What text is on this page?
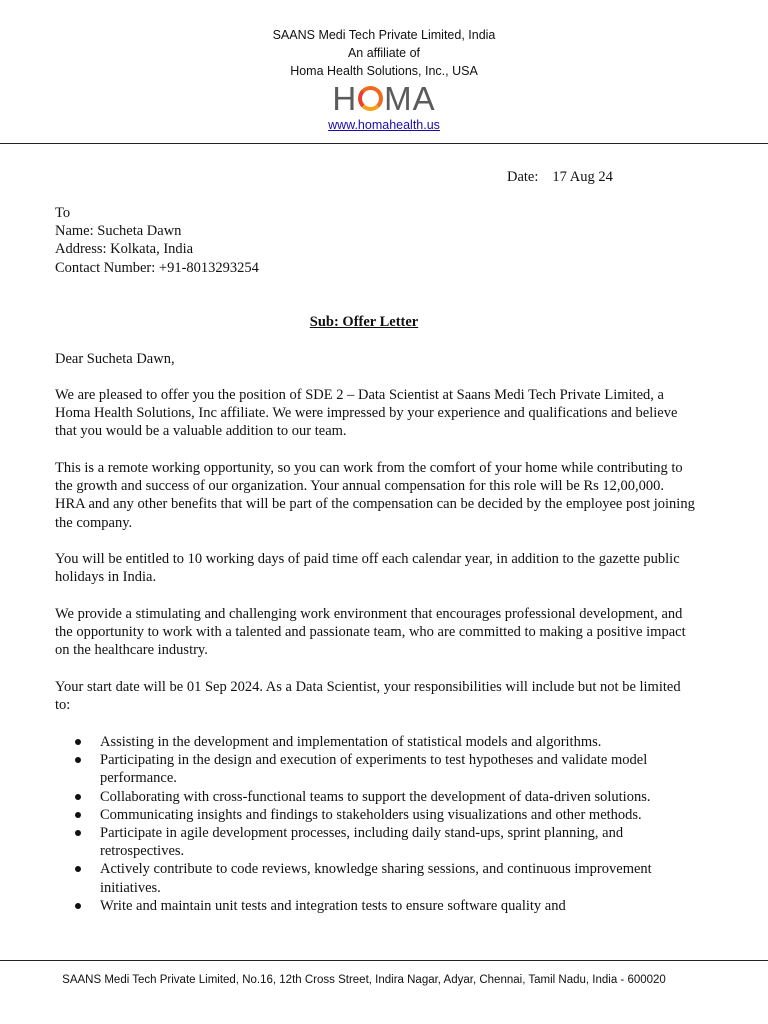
SAANS Medi Tech Private Limited, India
An affiliate of
Homa Health Solutions, Inc., USA
H MA
www.homahealth.us
Date: 17 Aug 24
To
Name: Sucheta Dawn
Address: Kolkata, India
Contact Number: +91-8013293254
Sub: Offer Letter
Dear Sucheta Dawn,

We are pleased to offer you the position of SDE 2 – Data Scientist at Saans Medi Tech Private Limited, a Homa Health Solutions, Inc affiliate. We were impressed by your experience and qualifications and believe that you would be a valuable addition to our team.

This is a remote working opportunity, so you can work from the comfort of your home while contributing to the growth and success of our organization. Your annual compensation for this role will be Rs 12,00,000. HRA and any other benefits that will be part of the compensation can be decided by the employee post joining the company.

You will be entitled to 10 working days of paid time off each calendar year, in addition to the gazette public holidays in India.

We provide a stimulating and challenging work environment that encourages professional development, and the opportunity to work with a talented and passionate team, who are committed to making a positive impact on the healthcare industry.

Your start date will be 01 Sep 2024. As a Data Scientist, your responsibilities will include but not be limited to:

Assisting in the development and implementation of statistical models and algorithms.
Participating in the design and execution of experiments to test hypotheses and validate model performance.
Collaborating with cross-functional teams to support the development of data-driven solutions.
Communicating insights and findings to stakeholders using visualizations and other methods.
Participate in agile development processes, including daily stand-ups, sprint planning, and retrospectives.
Actively contribute to code reviews, knowledge sharing sessions, and continuous improvement initiatives.
Write and maintain unit tests and integration tests to ensure software quality and
SAANS Medi Tech Private Limited, No.16, 12th Cross Street, Indira Nagar, Adyar, Chennai, Tamil Nadu, India - 600020
